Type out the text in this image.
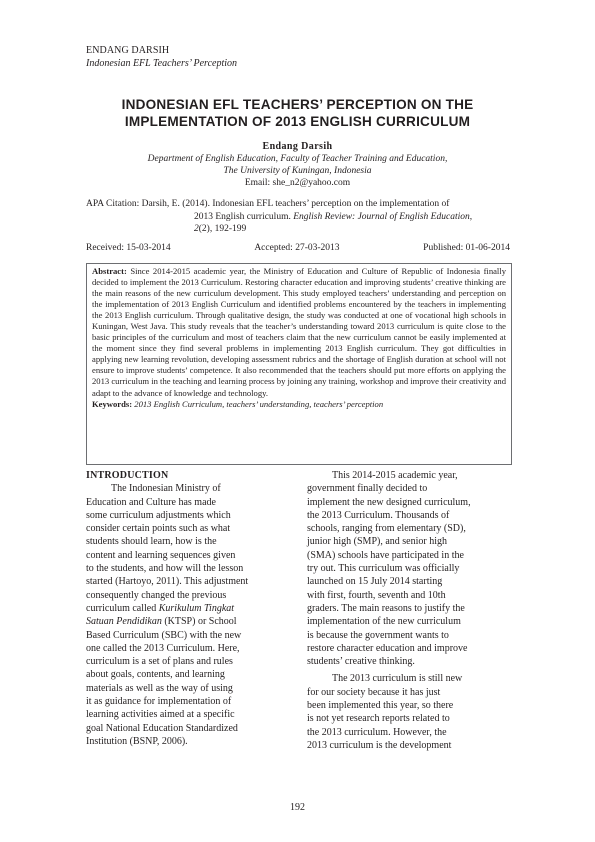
ENDANG DARSIH
Indonesian EFL Teachers’ Perception
INDONESIAN EFL TEACHERS’ PERCEPTION ON THE
IMPLEMENTATION OF 2013 ENGLISH CURRICULUM
Endang Darsih
Department of English Education, Faculty of Teacher Training and Education,
The University of Kuningan, Indonesia
Email: she_n2@yahoo.com
APA Citation: Darsih, E. (2014). Indonesian EFL teachers’ perception on the implementation of
2013 English curriculum. English Review: Journal of English Education,
2(2), 192-199
Received: 15-03-2014	Accepted: 27-03-2013	Published: 01-06-2014
Abstract: Since 2014-2015 academic year, the Ministry of Education and Culture of Republic of Indonesia finally decided to implement the 2013 Curriculum. Restoring character education and improving students’ creative thinking are the main reasons of the new curriculum development. This study employed teachers’ understanding and perception on the implementation of 2013 English Curriculum and identified problems encountered by the teachers in implementing the 2013 English curriculum. Through qualitative design, the study was conducted at one of vocational high schools in Kuningan, West Java. This study reveals that the teacher’s understanding toward 2013 curriculum is quite close to the basic principles of the curriculum and most of teachers claim that the new curriculum cannot be easily implemented at the moment since they find several problems in implementing 2013 English curriculum. They got difficulties in applying new learning revolution, developing assessment rubrics and the shortage of English duration at school will not ensure to improve students’ competence. It also recommended that the teachers should put more efforts on applying the 2013 curriculum in the teaching and learning process by joining any training, workshop and improve their creativity and adapt to the advance of knowledge and technology.
Keywords: 2013 English Curriculum, teachers’ understanding, teachers’ perception
INTRODUCTION
The Indonesian Ministry of
Education and Culture has made
some curriculum adjustments which
consider certain points such as what
students should learn, how is the
content and learning sequences given
to the students, and how will the lesson
started (Hartoyo, 2011). This adjustment
consequently changed the previous
curriculum called Kurikulum Tingkat
Satuan Pendidikan (KTSP) or School
Based Curriculum (SBC) with the new
one called the 2013 Curriculum. Here,
curriculum is a set of plans and rules
about goals, contents, and learning
materials as well as the way of using
it as guidance for implementation of
learning activities aimed at a specific
goal National Education Standardized
Institution (BSNP, 2006).
This 2014-2015 academic year,
government finally decided to
implement the new designed curriculum,
the 2013 Curriculum. Thousands of
schools, ranging from elementary (SD),
junior high (SMP), and senior high
(SMA) schools have participated in the
try out. This curriculum was officially
launched on 15 July 2014 starting
with first, fourth, seventh and 10th
graders. The main reasons to justify the
implementation of the new curriculum
is because the government wants to
restore character education and improve
students’ creative thinking.
The 2013 curriculum is still new
for our society because it has just
been implemented this year, so there
is not yet research reports related to
the 2013 curriculum. However, the
2013 curriculum is the development
192
